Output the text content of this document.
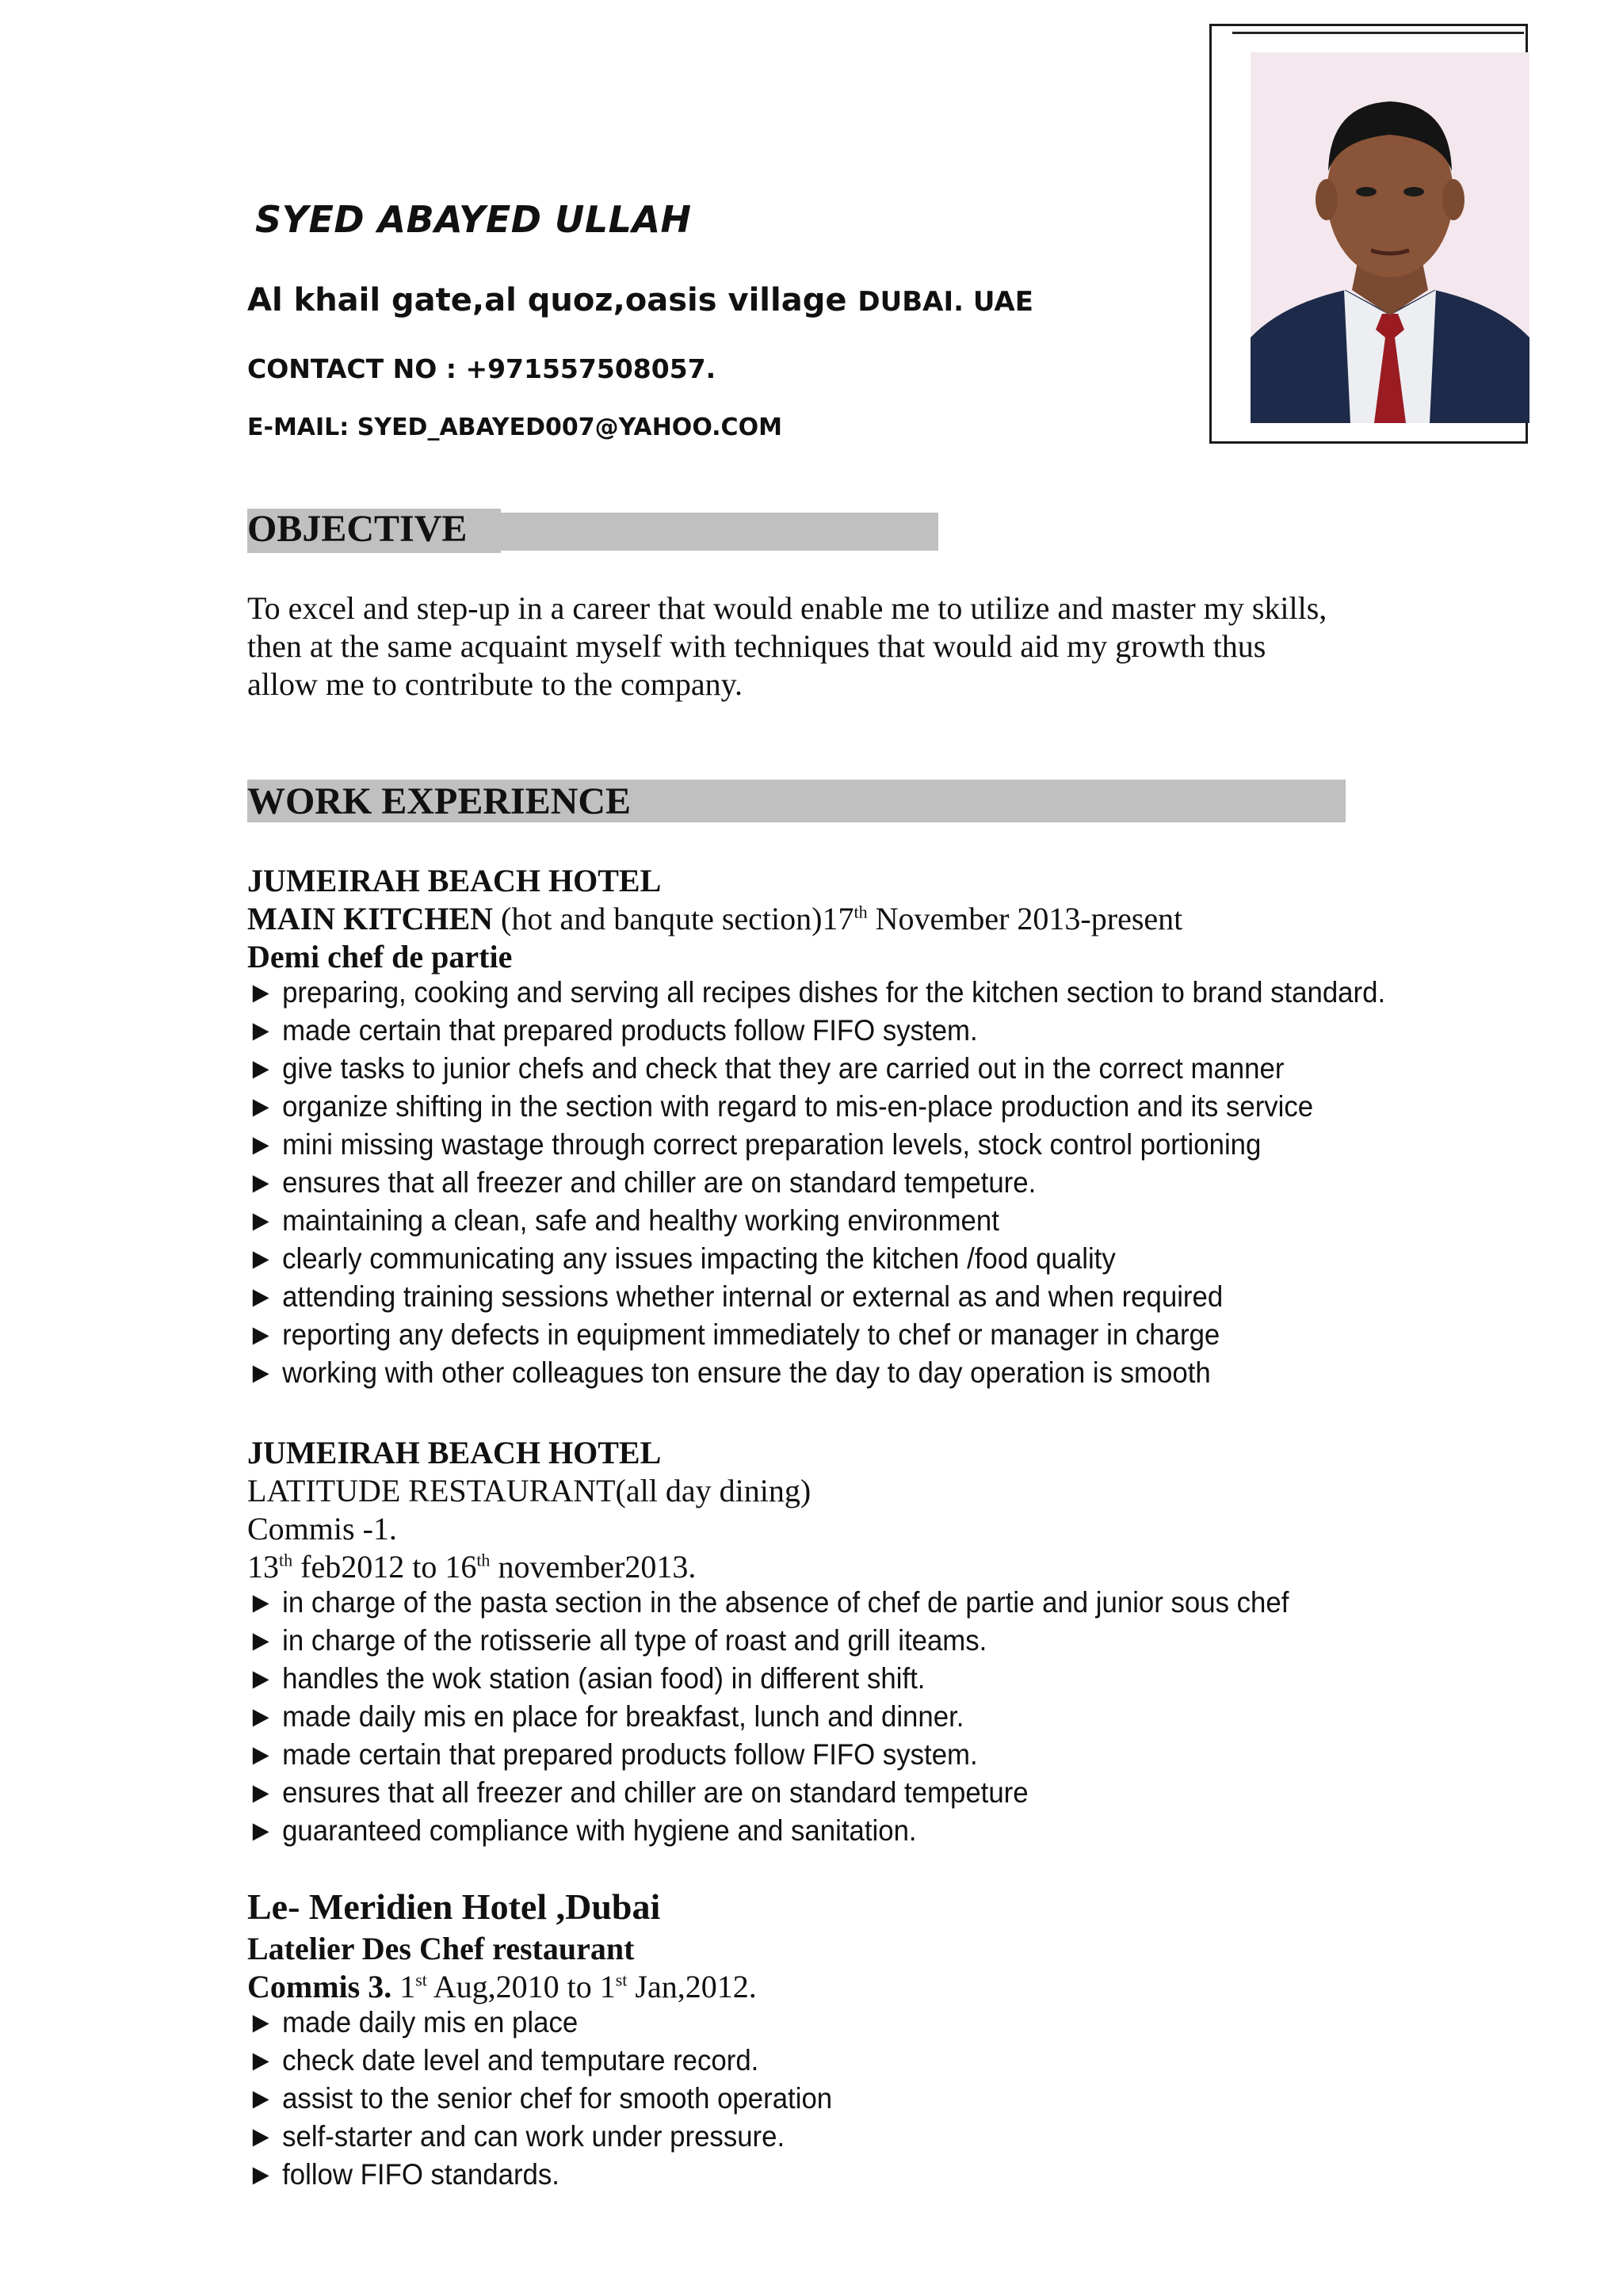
SYED ABAYED ULLAH
Al khail gate,al quoz,oasis village DUBAI. UAE
CONTACT NO : +971557508057.
E-MAIL: SYED_ABAYED007@YAHOO.COM
OBJECTIVE
To excel and step-up in a career that would enable me to utilize and master my skills,
then at the same acquaint myself with techniques that would aid my growth thus
allow me to contribute to the company.
WORK EXPERIENCE
JUMEIRAH BEACH HOTEL
MAIN KITCHEN (hot and banqute section)17th November 2013-present
Demi chef de partie
► preparing, cooking and serving all recipes dishes for the kitchen section to brand standard.
► made certain that prepared products follow FIFO system.
► give tasks to junior chefs and check that they are carried out in the correct manner
► organize shifting in the section with regard to mis-en-place production and its service
► mini missing wastage through correct preparation levels, stock control portioning
► ensures that all freezer and chiller are on standard tempeture.
► maintaining a clean, safe and healthy working environment
► clearly communicating any issues impacting the kitchen /food quality
► attending training sessions whether internal or external as and when required
► reporting any defects in equipment immediately to chef or manager in charge
► working with other colleagues ton ensure the day to day operation is smooth
JUMEIRAH BEACH HOTEL
LATITUDE RESTAURANT(all day dining)
Commis -1.
13th feb2012 to 16th november2013.
► in charge of the pasta section in the absence of chef de partie and junior sous chef
► in charge of the rotisserie all type of roast and grill iteams.
► handles the wok station (asian food) in different shift.
► made daily mis en place for breakfast, lunch and dinner.
► made certain that prepared products follow FIFO system.
► ensures that all freezer and chiller are on standard tempeture
► guaranteed compliance with hygiene and sanitation.
Le- Meridien Hotel ,Dubai
Latelier Des Chef restaurant
Commis 3. 1st Aug,2010 to 1st Jan,2012.
► made daily mis en place
► check date level and temputare record.
► assist to the senior chef for smooth operation
► self-starter and can work under pressure.
► follow FIFO standards.
